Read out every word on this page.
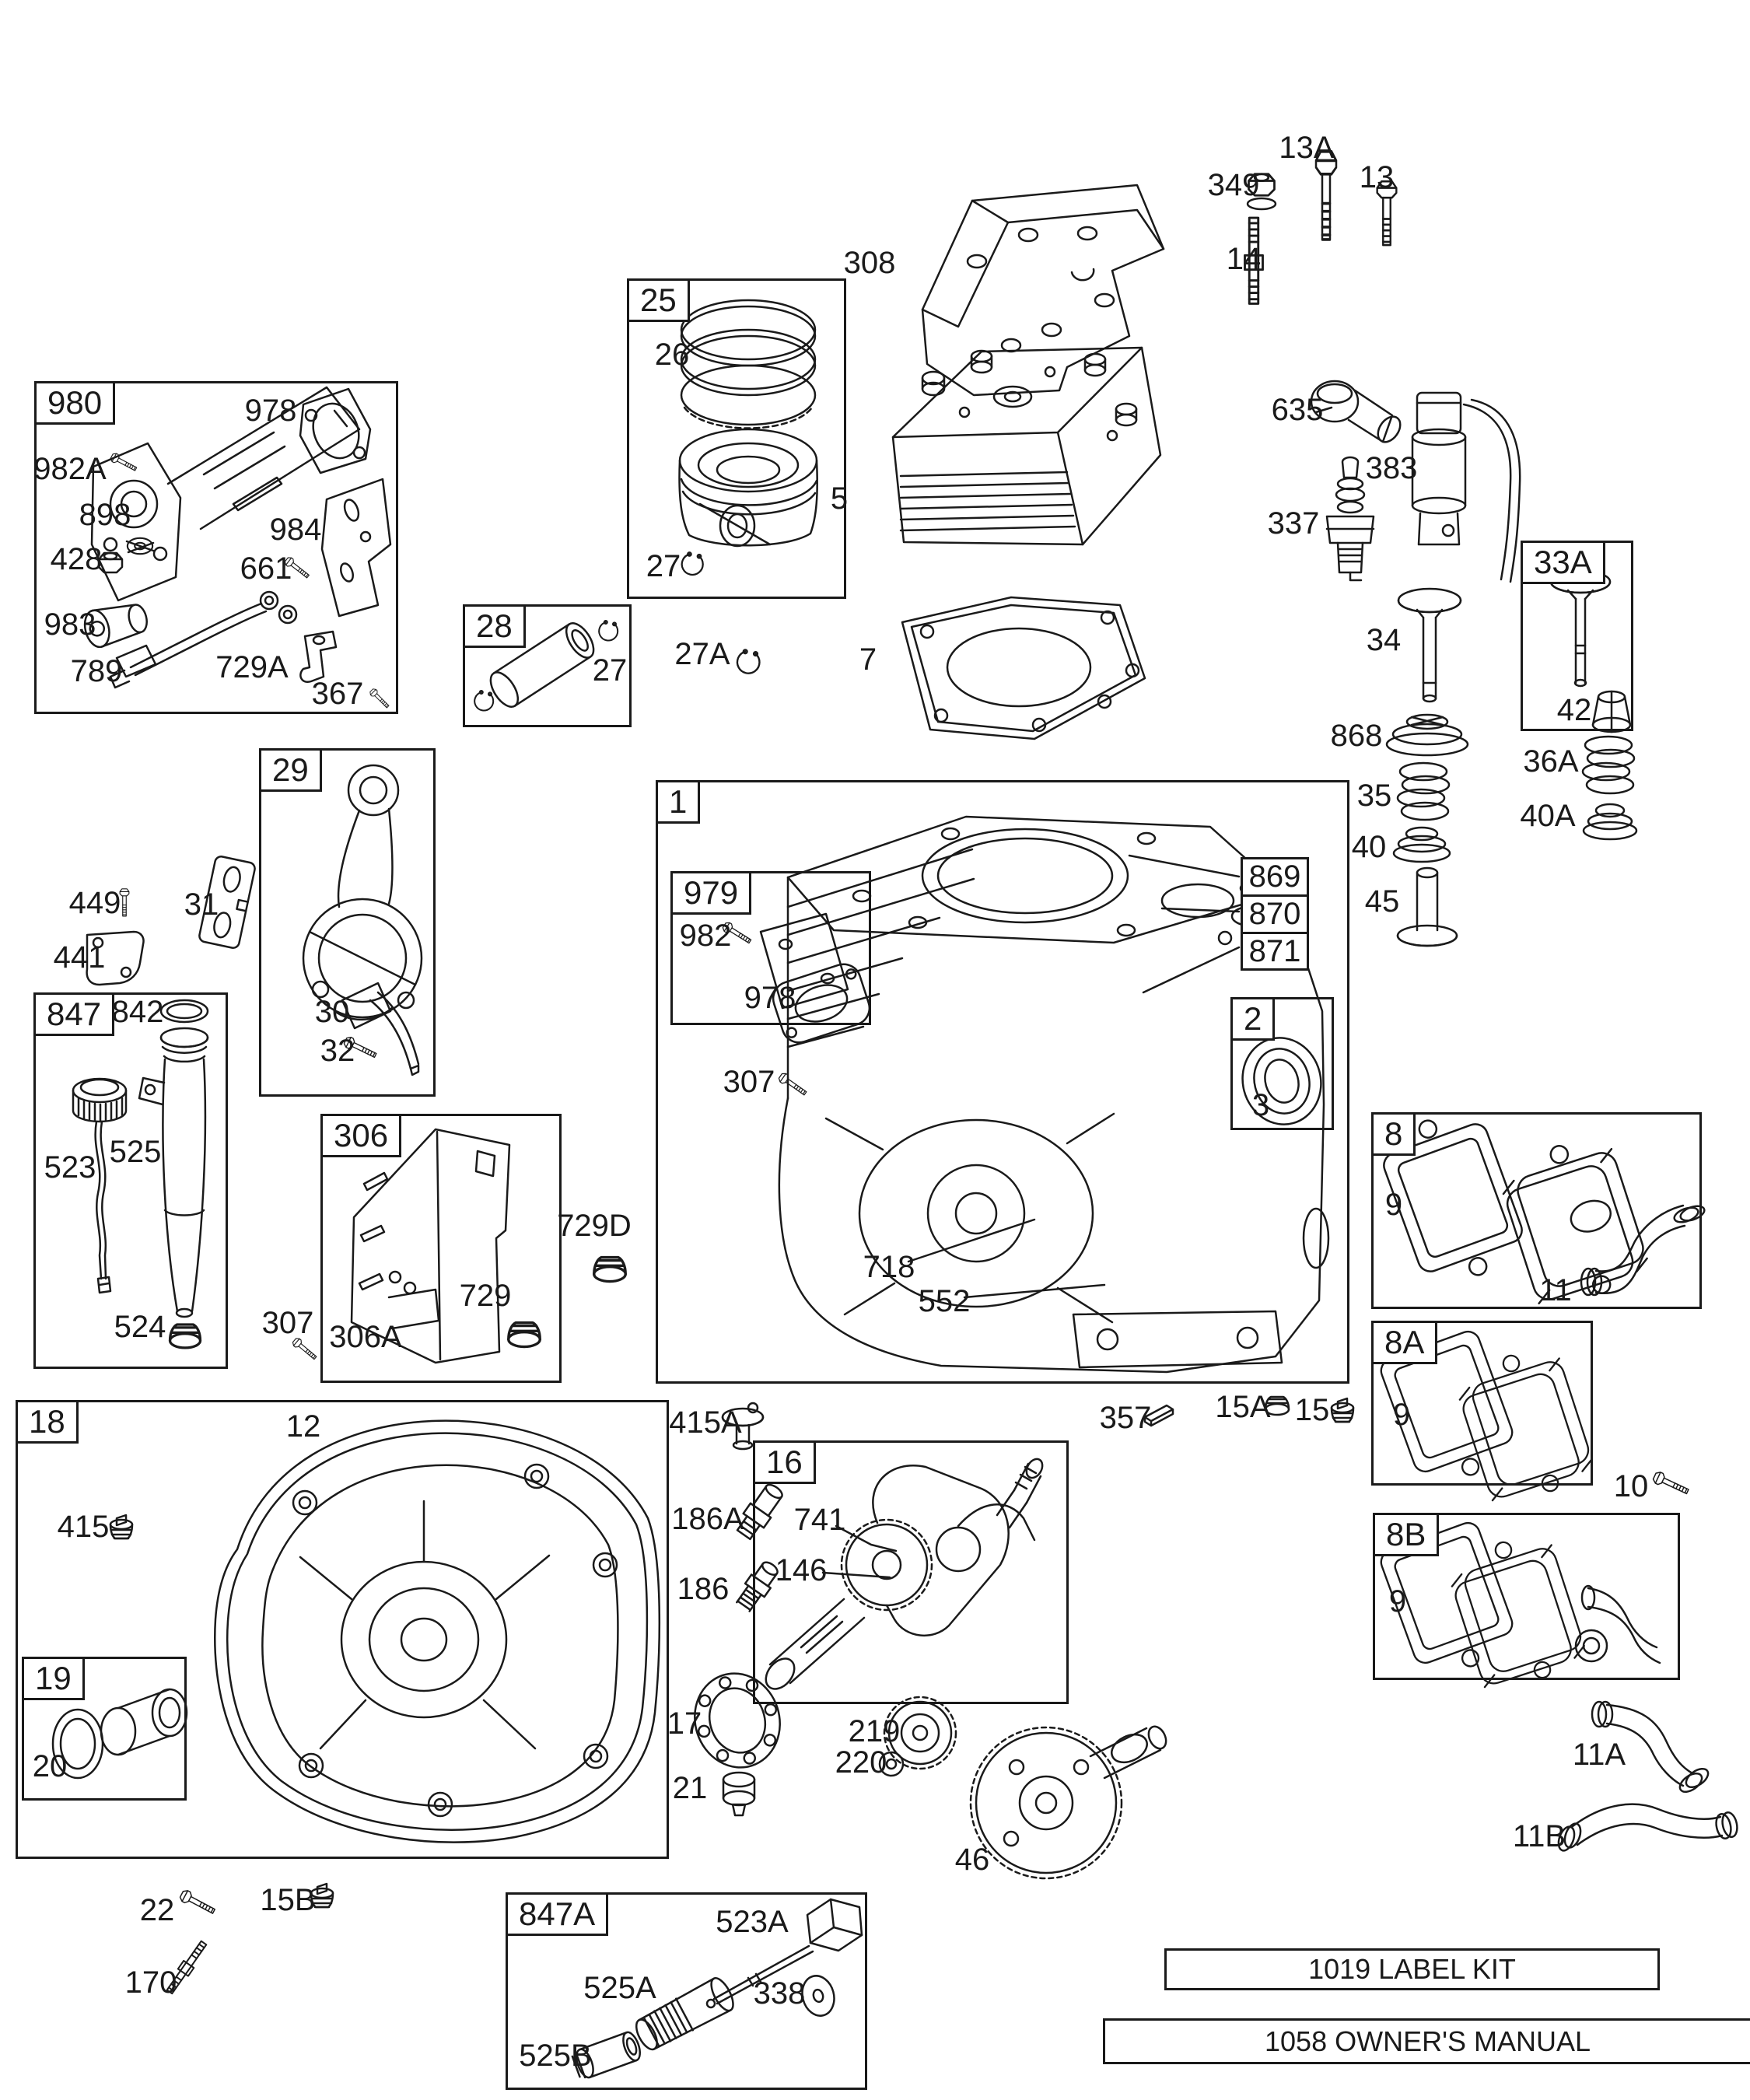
980
25
28
29
1
979
2
33A
847
306	8
8A
8B
18
19
16
847A
869
870
871
308
349
13A
13
14
635
383
337
5
7
978
982A
898
428
983
661
984
789	729A
367
26
27
27 27A
31
449
441
30
32
982
978
307
3
718
552
34
868
35
40
45
42
36A
40A
842
523 525
524	306A
729
729D
307
9
11
9
10
9
11A
11B
12
415
20
21
22
170
15B
741
146
17	219
220
46
415A
186A
186
357 15A 15
523A
525A
525B
338
1019 LABEL KIT
1058 OWNER'S MANUAL
